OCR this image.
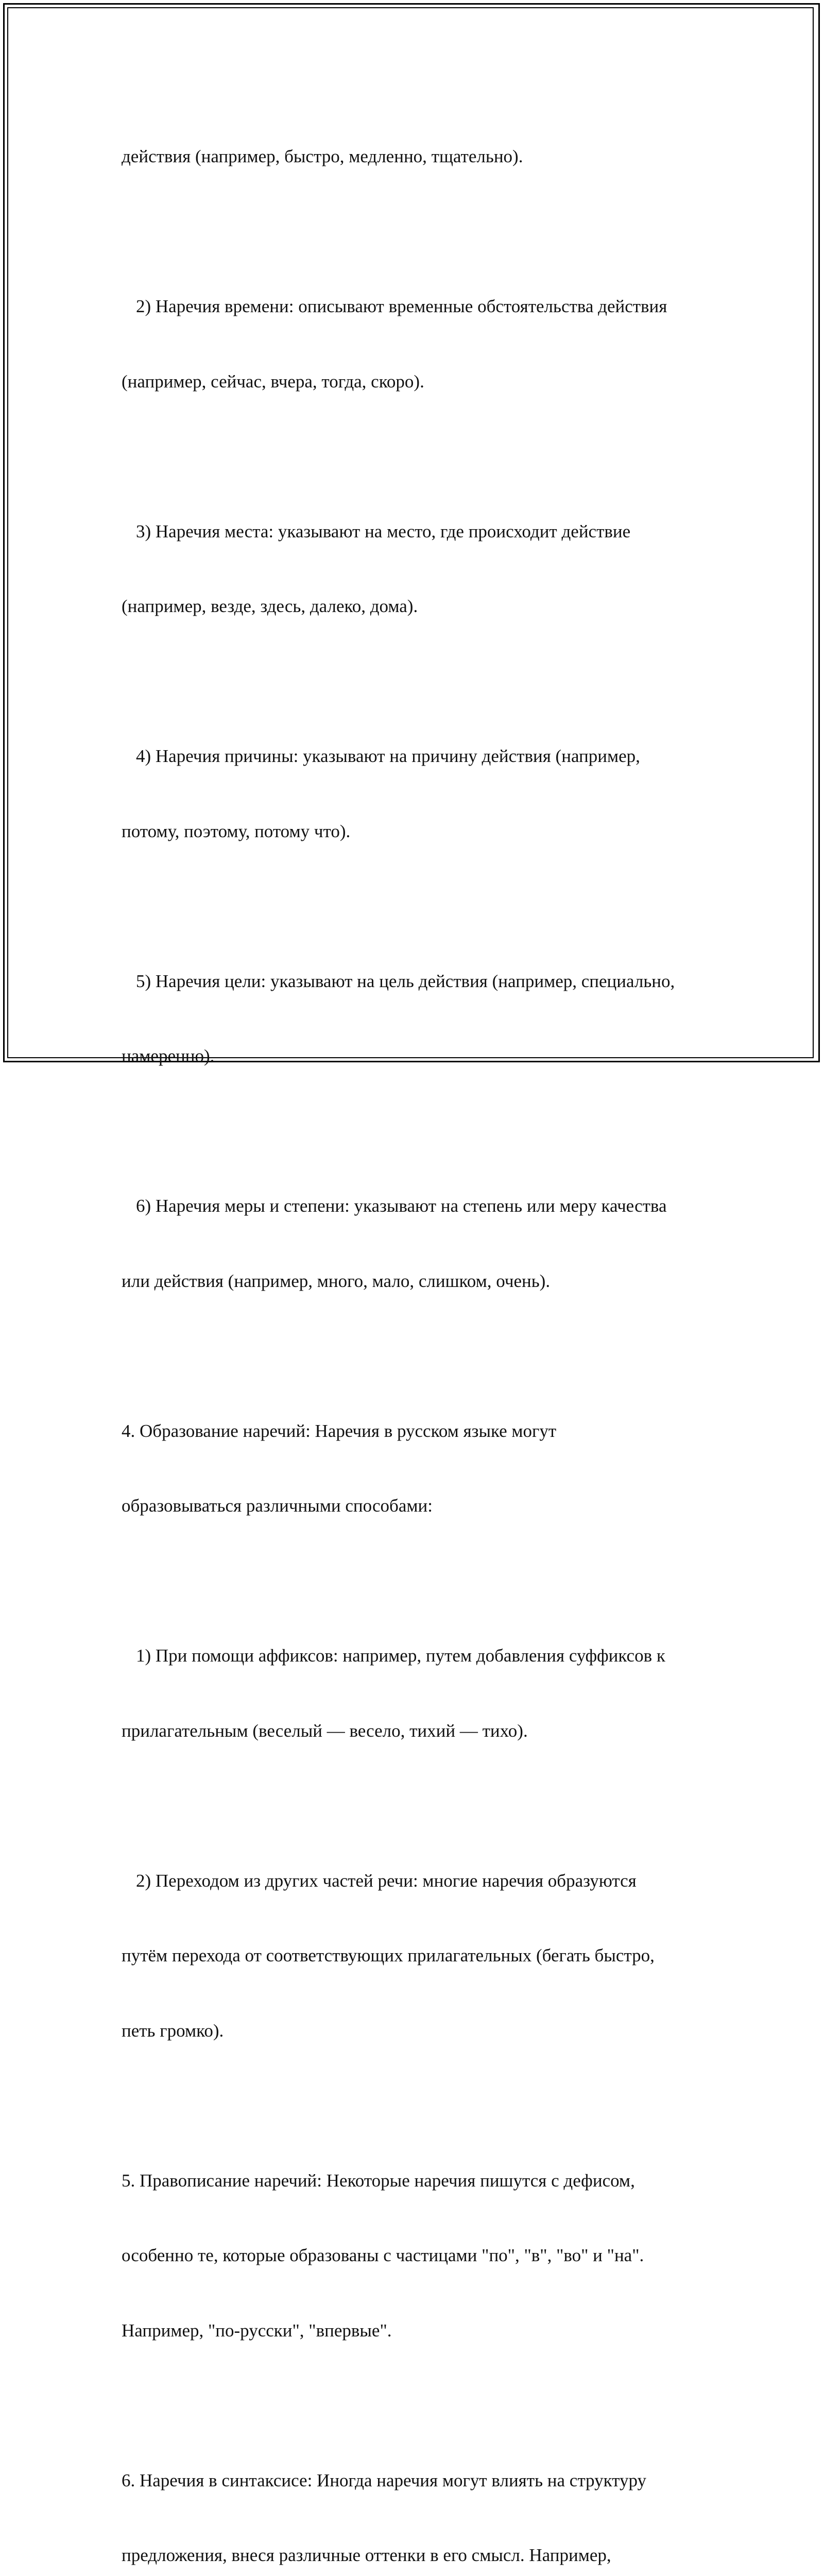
действия (например, быстро, медленно, тщательно).

2) Наречия времени: описывают временные обстоятельства действия

(например, сейчас, вчера, тогда, скоро).

3) Наречия места: указывают на место, где происходит действие

(например, везде, здесь, далеко, дома).

4) Наречия причины: указывают на причину действия (например,

потому, поэтому, потому что).

5) Наречия цели: указывают на цель действия (например, специально,

намеренно).

6) Наречия меры и степени: указывают на степень или меру качества

или действия (например, много, мало, слишком, очень).

4. Образование наречий: Наречия в русском языке могут

образовываться различными способами:

1) При помощи аффиксов: например, путем добавления суффиксов к

прилагательным (веселый — весело, тихий — тихо).

2) Переходом из других частей речи: многие наречия образуются

путём перехода от соответствующих прилагательных (бегать быстро,

петь громко).

5. Правописание наречий: Некоторые наречия пишутся с дефисом,

особенно те, которые образованы с частицами "по", "в", "во" и "на".

Например, "по-русски", "впервые".

6. Наречия в синтаксисе: Иногда наречия могут влиять на структуру

предложения, внеся различные оттенки в его смысл. Например,
